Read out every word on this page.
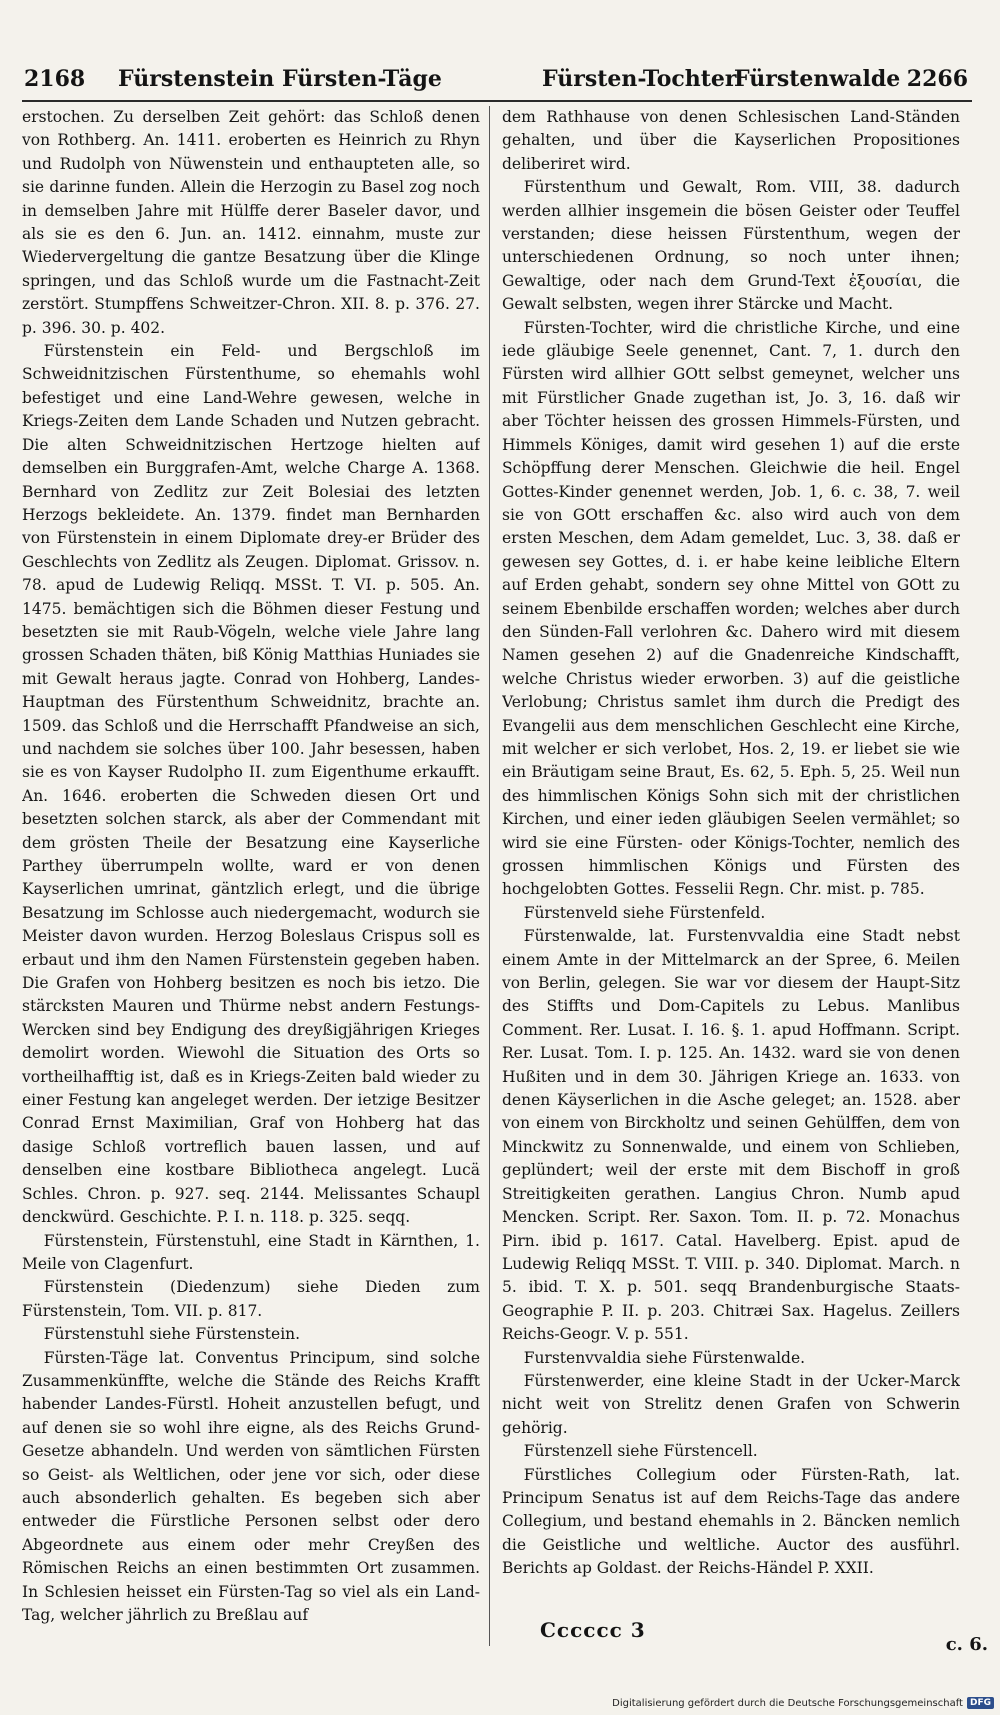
2168 Fürstenstein Fürsten-Täge	Fürsten-Tochter
Fürstenwalde 2266

erstochen. Zu derselben Zeit gehört: das Schloß denen von Rothberg. An. 1411. eroberten es Heinrich zu Rhyn und Rudolph von Nüwenstein und enthaupteten alle, so sie darinne funden. Allein die Herzogin zu Basel zog noch in demselben Jahre mit Hülffe derer Baseler davor, und als sie es den 6. Jun. an. 1412. einnahm, muste zur Wiedervergeltung die gantze Besatzung über die Klinge springen, und das Schloß wurde um die Fastnacht-Zeit zerstört. Stumpffens Schweitzer-Chron. XII. 8. p. 376. 27. p. 396. 30. p. 402.

Fürstenstein ein Feld- und Bergschloß im Schweidnitzischen Fürstenthume, so ehemahls wohl befestiget und eine Land-Wehre gewesen, welche in Kriegs-Zeiten dem Lande Schaden und Nutzen gebracht. Die alten Schweidnitzischen Hertzoge hielten auf demselben ein Burggrafen-Amt, welche Charge A. 1368. Bernhard von Zedlitz zur Zeit Bolesiai des letzten Herzogs bekleidete. An. 1379. findet man Bernharden von Fürstenstein in einem Diplomate drey-er Brüder des Geschlechts von Zedlitz als Zeugen. Diplomat. Grissov. n. 78. apud de Ludewig Reliqq. MSSt. T. VI. p. 505. An. 1475. bemächtigen sich die Böhmen dieser Festung und besetzten sie mit Raub-Vögeln, welche viele Jahre lang grossen Schaden thäten, biß König Matthias Huniades sie mit Gewalt heraus jagte. Conrad von Hohberg, Landes-Hauptman des Fürstenthum Schweidnitz, brachte an. 1509. das Schloß und die Herrschafft Pfandweise an sich, und nachdem sie solches über 100. Jahr besessen, haben sie es von Kayser Rudolpho II. zum Eigenthume erkaufft. An. 1646. eroberten die Schweden diesen Ort und besetzten solchen starck, als aber der Commendant mit dem grösten Theile der Besatzung eine Kayserliche Parthey überrumpeln wollte, ward er von denen Kayserlichen umrinat, gäntzlich erlegt, und die übrige Besatzung im Schlosse auch niedergemacht, wodurch sie Meister davon wurden. Herzog Boleslaus Crispus soll es erbaut und ihm den Namen Fürstenstein gegeben haben. Die Grafen von Hohberg besitzen es noch bis ietzo. Die stärcksten Mauren und Thürme nebst andern Festungs-Wercken sind bey Endigung des dreyßigjährigen Krieges demolirt worden. Wiewohl die Situation des Orts so vortheilhafftig ist, daß es in Kriegs-Zeiten bald wieder zu einer Festung kan angeleget werden. Der ietzige Besitzer Conrad Ernst Maximilian, Graf von Hohberg hat das dasige Schloß vortreflich bauen lassen, und auf denselben eine kostbare Bibliotheca angelegt. Lucä Schles. Chron. p. 927. seq. 2144. Melissantes Schaupl denckwürd. Geschichte. P. I. n. 118. p. 325. seqq.

Fürstenstein, Fürstenstuhl, eine Stadt in Kärnthen, 1. Meile von Clagenfurt.

Fürstenstein (Diedenzum) siehe Dieden zum Fürstenstein, Tom. VII. p. 817.

Fürstenstuhl siehe Fürstenstein.

Fürsten-Täge lat. Conventus Principum, sind solche Zusammenkünffte, welche die Stände des Reichs Krafft habender Landes-Fürstl. Hoheit anzustellen befugt, und auf denen sie so wohl ihre eigne, als des Reichs Grund-Gesetze abhandeln. Und werden von sämtlichen Fürsten so Geist- als Weltlichen, oder jene vor sich, oder diese auch absonderlich gehalten. Es begeben sich aber entweder die Fürstliche Personen selbst oder dero Abgeordnete aus einem oder mehr Creyßen des Römischen Reichs an einen bestimmten Ort zusammen. In Schlesien heisset ein Fürsten-Tag so viel als ein Land-Tag, welcher jährlich zu Breßlau auf

dem Rathhause von denen Schlesischen Land-Ständen gehalten, und über die Kayserlichen Propositiones deliberiret wird.

Fürstenthum und Gewalt, Rom. VIII, 38. dadurch werden allhier insgemein die bösen Geister oder Teuffel verstanden; diese heissen Fürstenthum, wegen der unterschiedenen Ordnung, so noch unter ihnen; Gewaltige, oder nach dem Grund-Text ἐξουσίαι, die Gewalt selbsten, wegen ihrer Stärcke und Macht.

Fürsten-Tochter, wird die christliche Kirche, und eine iede gläubige Seele genennet, Cant. 7, 1. durch den Fürsten wird allhier GOtt selbst gemeynet, welcher uns mit Fürstlicher Gnade zugethan ist, Jo. 3, 16. daß wir aber Töchter heissen des grossen Himmels-Fürsten, und Himmels Königes, damit wird gesehen 1) auf die erste Schöpffung derer Menschen. Gleichwie die heil. Engel Gottes-Kinder genennet werden, Job. 1, 6. c. 38, 7. weil sie von GOtt erschaffen &c. also wird auch von dem ersten Meschen, dem Adam gemeldet, Luc. 3, 38. daß er gewesen sey Gottes, d. i. er habe keine leibliche Eltern auf Erden gehabt, sondern sey ohne Mittel von GOtt zu seinem Ebenbilde erschaffen worden; welches aber durch den Sünden-Fall verlohren &c. Dahero wird mit diesem Namen gesehen 2) auf die Gnadenreiche Kindschafft, welche Christus wieder erworben. 3) auf die geistliche Verlobung; Christus samlet ihm durch die Predigt des Evangelii aus dem menschlichen Geschlecht eine Kirche, mit welcher er sich verlobet, Hos. 2, 19. er liebet sie wie ein Bräutigam seine Braut, Es. 62, 5. Eph. 5, 25. Weil nun des himmlischen Königs Sohn sich mit der christlichen Kirchen, und einer ieden gläubigen Seelen vermählet; so wird sie eine Fürsten- oder Königs-Tochter, nemlich des grossen himmlischen Königs und Fürsten des hochgelobten Gottes. Fesselii Regn. Chr. mist. p. 785.

Fürstenveld siehe Fürstenfeld.

Fürstenwalde, lat. Furstenvvaldia eine Stadt nebst einem Amte in der Mittelmarck an der Spree, 6. Meilen von Berlin, gelegen. Sie war vor diesem der Haupt-Sitz des Stiffts und Dom-Capitels zu Lebus. Manlibus Comment. Rer. Lusat. I. 16. §. 1. apud Hoffmann. Script. Rer. Lusat. Tom. I. p. 125. An. 1432. ward sie von denen Hußiten und in dem 30. Jährigen Kriege an. 1633. von denen Käyserlichen in die Asche geleget; an. 1528. aber von einem von Birckholtz und seinen Gehülffen, dem von Minckwitz zu Sonnenwalde, und einem von Schlieben, geplündert; weil der erste mit dem Bischoff in groß Streitigkeiten gerathen. Langius Chron. Numb apud Mencken. Script. Rer. Saxon. Tom. II. p. 72. Monachus Pirn. ibid p. 1617. Catal. Havelberg. Epist. apud de Ludewig Reliqq MSSt. T. VIII. p. 340. Diplomat. March. n 5. ibid. T. X. p. 501. seqq Brandenburgische Staats-Geographie P. II. p. 203. Chitræi Sax. Hagelus. Zeillers Reichs-Geogr. V. p. 551.

Furstenvvaldia siehe Fürstenwalde.

Fürstenwerder, eine kleine Stadt in der Ucker-Marck nicht weit von Strelitz denen Grafen von Schwerin gehörig.

Fürstenzell siehe Fürstencell.

Fürstliches Collegium oder Fürsten-Rath, lat. Principum Senatus ist auf dem Reichs-Tage das andere Collegium, und bestand ehemahls in 2. Bäncken nemlich die Geistliche und weltliche. Auctor des ausführl. Berichts ap Goldast. der Reichs-Händel P. XXII.

Cccccc 3
c. 6.
Digitalisierung gefördert durch die Deutsche Forschungsgemeinschaft DFG
